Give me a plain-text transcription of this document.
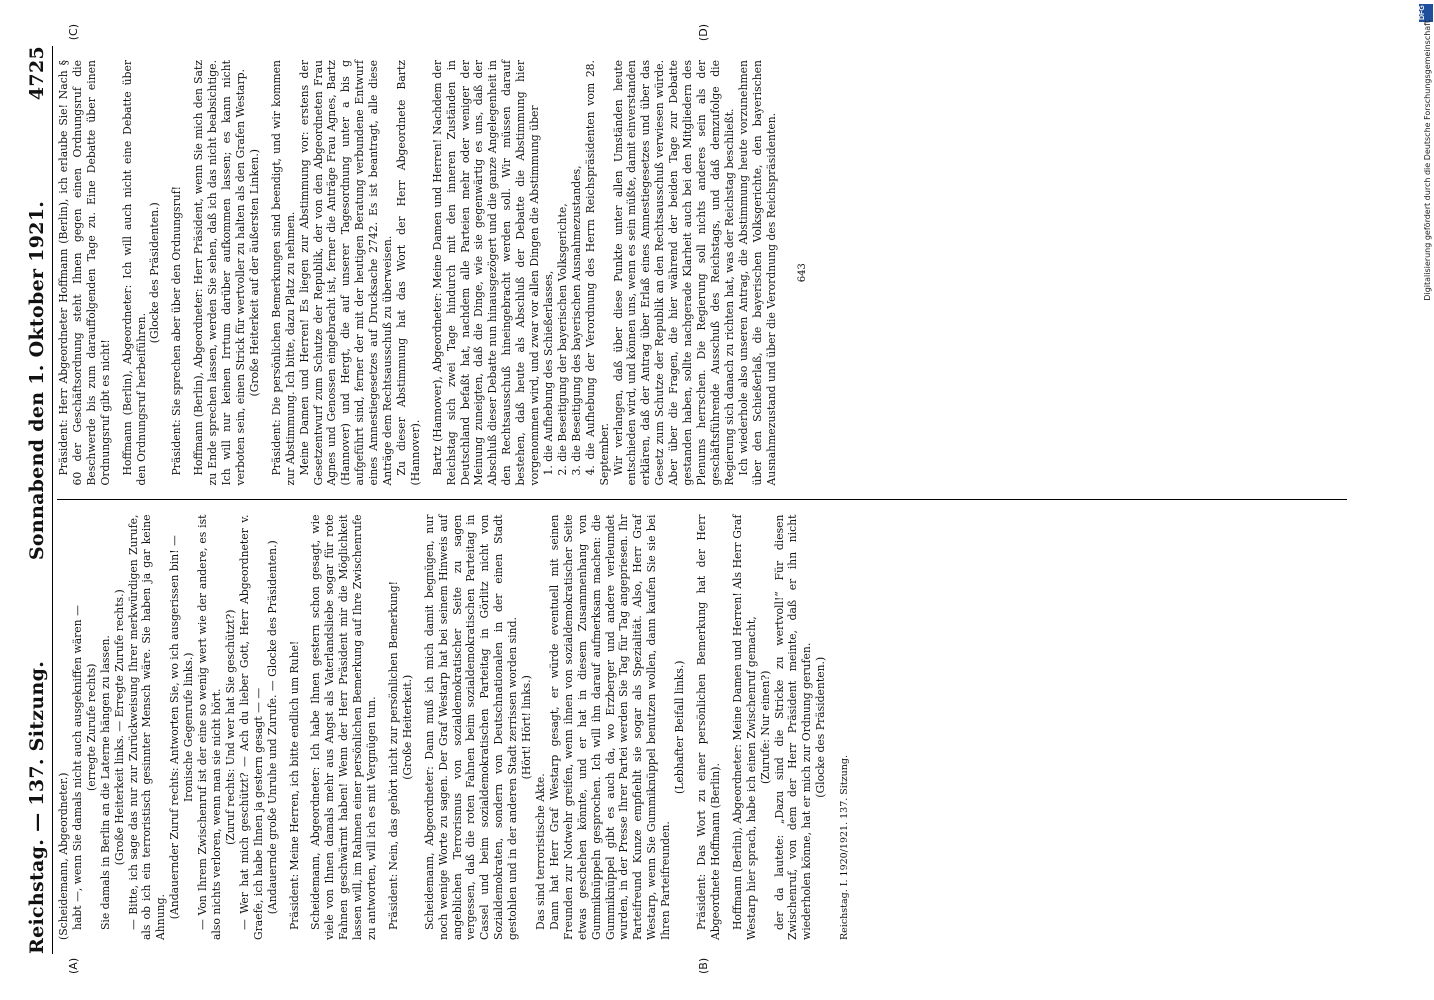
Reichstag. — 137. Sitzung.
Sonnabend den 1. Oktober 1921.
4725
(A)	(B)

(Scheidemann, Abgeordneter.) habt —, wenn Sie damals nicht auch ausgekniffen wären — (erregte Zurufe rechts) Sie damals in Berlin an die Laterne hängen zu lassen. (Große Heiterkeit links. — Erregte Zurufe rechts.) — Bitte, ich sage das nur zur Zurückweisung Ihrer merkwürdigen Zurufe, als ob ich ein terroristisch gesinnter Mensch wäre. Sie haben ja gar keine Ahnung. (Andauernder Zuruf rechts: Antworten Sie, wo ich ausgerissen bin! — Ironische Gegenrufe links.) — Von Ihrem Zwischenruf ist der eine so wenig wert wie der andere, es ist also nichts verloren, wenn man sie nicht hört. (Zuruf rechts: Und wer hat Sie geschützt?) — Wer hat mich geschützt? — Ach du lieber Gott, Herr Abgeordneter v. Graefe, ich habe Ihnen ja gestern gesagt — — (Andauernde große Unruhe und Zurufe. — Glocke des Präsidenten.) Präsident: Meine Herren, ich bitte endlich um Ruhe! Scheidemann, Abgeordneter: Ich habe Ihnen gestern schon gesagt, wie viele von Ihnen damals mehr aus Angst als Vaterlandsliebe sogar für rote Fahnen geschwärmt haben! Wenn der Herr Präsident mir die Möglichkeit lassen will, im Rahmen einer persönlichen Bemerkung auf Ihre Zwischenrufe zu antworten, will ich es mit Vergnügen tun. Präsident: Nein, das gehört nicht zur persönlichen Bemerkung! (Große Heiterkeit.) Scheidemann, Abgeordneter: Dann muß ich mich damit begnügen, nur noch wenige Worte zu sagen. Der Graf Westarp hat bei seinem Hinweis auf angeblichen Terrorismus von sozialdemokratischer Seite zu sagen vergessen, daß die roten Fahnen beim sozialdemokratischen Parteitag in Cassel und beim sozialdemokratischen Parteitag in Görlitz nicht von Sozialdemokraten, sondern von Deutschnationalen in der einen Stadt gestohlen und in der anderen Stadt zerrissen worden sind. (Hört! Hört! links.)

Das sind terroristische Akte. Dann hat Herr Graf Westarp gesagt, er würde eventuell mit seinen Freunden zur Notwehr greifen, wenn ihnen von sozialdemokratischer Seite etwas geschehen könnte, und er hat in diesem Zusammenhang von Gummiknüppeln gesprochen. Ich will ihn darauf aufmerksam machen: die Gummiknüppel gibt es auch da, wo Erzberger und andere verleumdet wurden, in der Presse Ihrer Partei werden Sie Tag für Tag angepriesen. Ihr Parteifreund Kunze empfiehlt sie sogar als Spezialität. Also, Herr Graf Westarp, wenn Sie Gummiknüppel benutzen wollen, dann kaufen Sie sie bei Ihren Parteifreunden.

(Lebhafter Beifall links.) Präsident: Das Wort zu einer persönlichen Bemerkung hat der Herr Abgeordnete Hoffmann (Berlin). Hoffmann (Berlin), Abgeordneter: Meine Damen und Herren! Als Herr Graf Westarp hier sprach, habe ich einen Zwischenruf gemacht, (Zurufe: Nur einen?) der da lautete: „Dazu sind die Stricke zu wertvoll!“ Für diesen Zwischenruf, von dem der Herr Präsident meinte, daß er ihn nicht wiederholen könne, hat er mich zur Ordnung gerufen. (Glocke des Präsidenten.)

Reichstag. I. 1920/1921. 137. Sitzung.
(C)	(D)

Präsident: Herr Abgeordneter Hoffmann (Berlin), ich erlaube Sie! Nach § 60 der Geschäftsordnung steht Ihnen gegen einen Ordnungsruf die Beschwerde bis zum darauffolgenden Tage zu. Eine Debatte über einen Ordnungsruf gibt es nicht! Hoffmann (Berlin), Abgeordneter: Ich will auch nicht eine Debatte über den Ordnungsruf herbeiführen.

(Glocke des Präsidenten.) Präsident: Sie sprechen aber über den Ordnungsruf! Hoffmann (Berlin), Abgeordneter: Herr Präsident, wenn Sie mich den Satz zu Ende sprechen lassen, werden Sie sehen, daß ich das nicht beabsichtige. Ich will nur keinen Irrtum darüber aufkommen lassen; es kann nicht verboten sein, einen Strick für wertvoller zu halten als den Grafen Westarp. (Große Heiterkeit auf der äußersten Linken.) Präsident: Die persönlichen Bemerkungen sind beendigt, und wir kommen zur Abstimmung. Ich bitte, dazu Platz zu nehmen. Meine Damen und Herren! Es liegen zur Abstimmung vor: erstens der Gesetzentwurf zum Schutze der Republik, der von den Abgeordneten Frau Agnes und Genossen eingebracht ist, ferner die Anträge Frau Agnes, Bartz (Hannover) und Hergt, die auf unserer Tagesordnung unter a bis g aufgeführt sind, ferner der mit der heutigen Beratung verbundene Entwurf eines Amnestiegesetzes auf Drucksache 2742. Es ist beantragt, alle diese Anträge dem Rechtsausschuß zu überweisen. Zu dieser Abstimmung hat das Wort der Herr Abgeordnete Bartz (Hannover). Bartz (Hannover), Abgeordneter: Meine Damen und Herren! Nachdem der Reichstag sich zwei Tage hindurch mit den inneren Zuständen in Deutschland befaßt hat, nachdem alle Parteien mehr oder weniger der Meinung zuneigten, daß die Dinge, wie sie gegenwärtig es uns, daß der Abschluß dieser Debatte nun hinausgezögert und die ganze Angelegenheit in den Rechtsausschuß hineingebracht werden soll. Wir müssen darauf bestehen, daß heute als Abschluß der Debatte die Abstimmung hier vorgenommen wird, und zwar vor allen Dingen die Abstimmung über 1. die Aufhebung des Schießerlasses, 2. die Beseitigung der bayerischen Volksgerichte, 3. die Beseitigung des bayerischen Ausnahmezustandes, 4. die Aufhebung der Verordnung des Herrn Reichspräsidenten vom 28. September. Wir verlangen, daß über diese Punkte unter allen Umständen heute entschieden wird, und können uns, wenn es sein müßte, damit einverstanden erklären, daß der Antrag über Erlaß eines Amnestiegesetzes und über das Gesetz zum Schutze der Republik an den Rechtsausschuß verwiesen würde. Aber über die Fragen, die hier während der beiden Tage zur Debatte gestanden haben, sollte nachgerade Klarheit auch bei den Mitgliedern des Plenums herrschen. Die Regierung soll nichts anderes sein als der geschäftsführende Ausschuß des Reichstags, und daß demzufolge die Regierung sich danach zu richten hat, was der Reichstag beschließt. Ich wiederhole also unseren Antrag, die Abstimmung heute vorzunehmen über den Schießerlaß, die bayerischen Volksgerichte, den bayerischen Ausnahmezustand und über die Verordnung des Reichspräsidenten. 643
DFG
Digitalisierung gefördert durch die Deutsche Forschungsgemeinschaft
